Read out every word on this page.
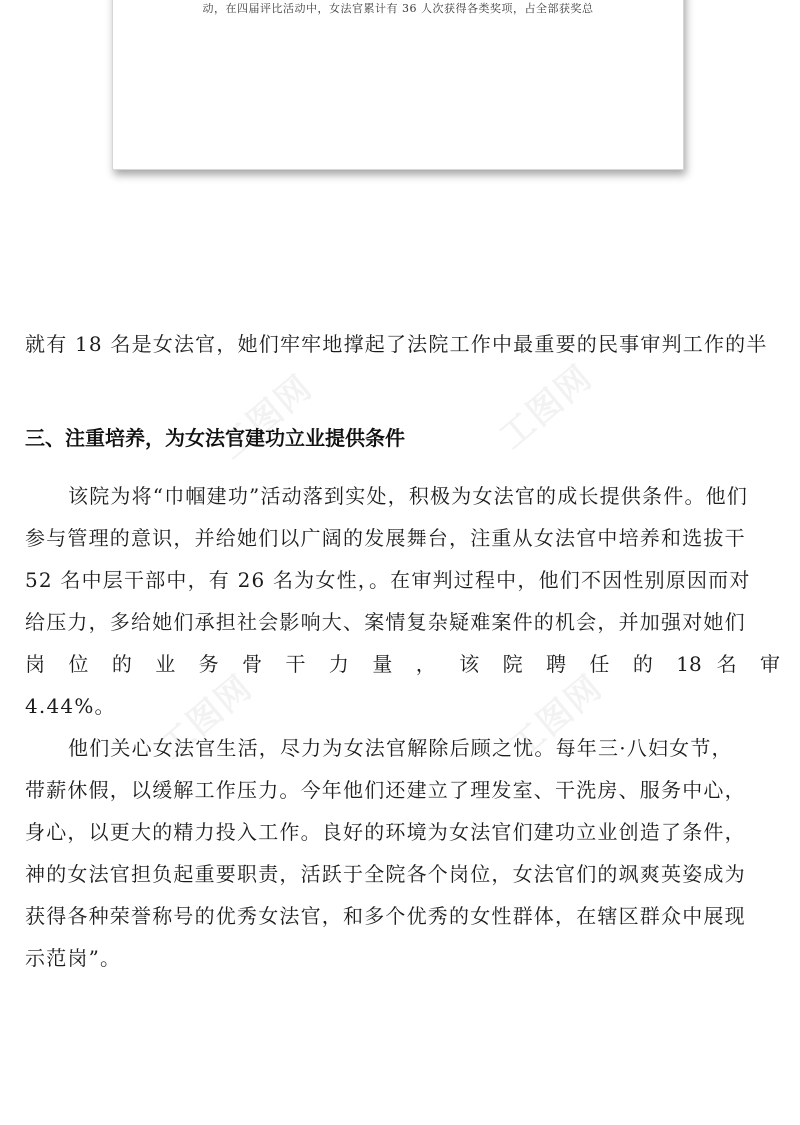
动，在四届评比活动中，女法官累计有 36 人次获得各类奖项，占全部获奖总
工图网	工图网
工图网	工图网
就有 18 名是女法官，她们牢牢地撑起了法院工作中最重要的民事审判工作的半
三、注重培养，为女法官建功立业提供条件
该院为将“巾帼建功”活动落到实处，积极为女法官的成长提供条件。他们
参与管理的意识，并给她们以广阔的发展舞台，注重从女法官中培养和选拔干
52 名中层干部中，有 26 名为女性，。在审判过程中，他们不因性别原因而对
给压力，多给她们承担社会影响大、案情复杂疑难案件的机会，并加强对她们
岗 位 的 业 务 骨 干 力 量 ， 该 院 聘 任 的 18 名 审
4.44%。
他们关心女法官生活，尽力为女法官解除后顾之忧。每年三·八妇女节，
带薪休假，以缓解工作压力。今年他们还建立了理发室、干洗房、服务中心，
身心，以更大的精力投入工作。良好的环境为女法官们建功立业创造了条件，
神的女法官担负起重要职责，活跃于全院各个岗位，女法官们的飒爽英姿成为
获得各种荣誉称号的优秀女法官，和多个优秀的女性群体，在辖区群众中展现
示范岗”。
